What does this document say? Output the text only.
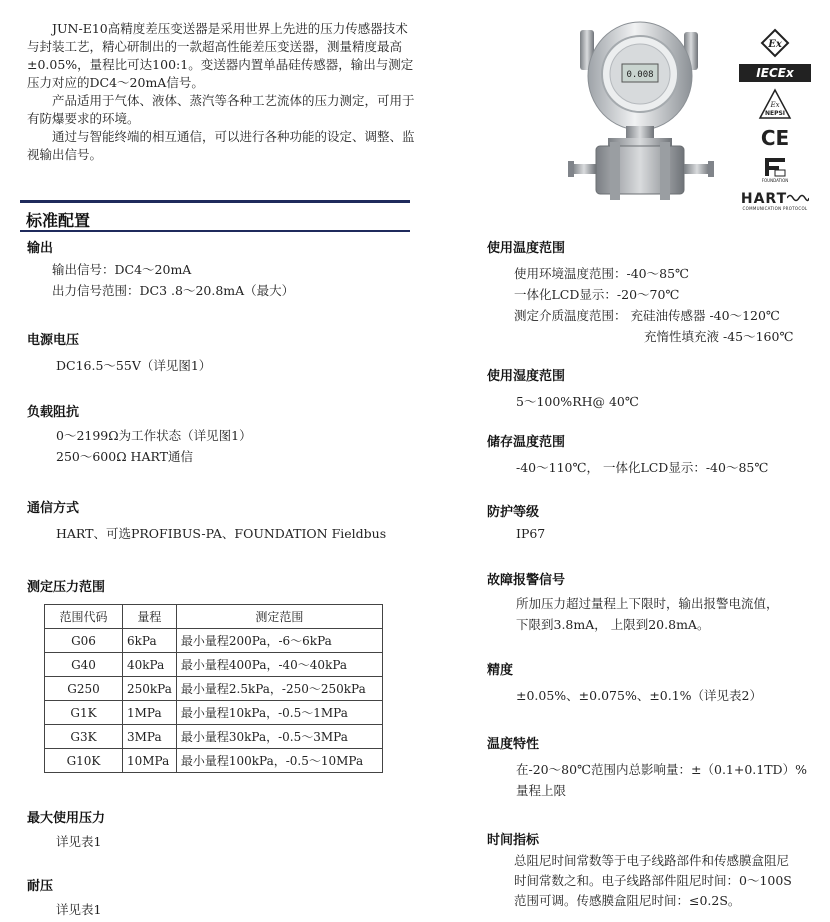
JUN-E10高精度差压变送器是采用世界上先进的压力传感器技术与封装工艺，精心研制出的一款超高性能差压变送器，测量精度最高±0.05%，量程比可达100:1。变送器内置单晶硅传感器，输出与测定压力对应的DC4～20mA信号。

产品适用于气体、液体、蒸汽等各种工艺流体的压力测定，可用于有防爆要求的环境。

通过与智能终端的相互通信，可以进行各种功能的设定、调整、监视输出信号。

标准配置
0.008
Ex
IECEx
Ex
NEPSI
CE
FOUNDATION
HART
COMMUNICATION PROTOCOL
输出
输出信号：DC4～20mA
出力信号范围：DC3 .8～20.8mA（最大）
电源电压
DC16.5～55V（详见图1）
负载阻抗
0～2199Ω为工作状态（详见图1）
250～600Ω HART通信
通信方式
HART、可选PROFIBUS-PA、FOUNDATION Fieldbus
测定压力范围
范围代码	量程	测定范围
G06	6kPa	最小量程200Pa，-6～6kPa
G40	40kPa	最小量程400Pa，-40～40kPa
G250	250kPa	最小量程2.5kPa，-250～250kPa
G1K	1MPa	最小量程10kPa，-0.5～1MPa
G3K	3MPa	最小量程30kPa，-0.5～3MPa
G10K	10MPa	最小量程100kPa，-0.5～10MPa
最大使用压力
详见表1
耐压
详见表1
使用温度范围
使用环境温度范围：-40～85℃
一体化LCD显示：-20～70℃
测定介质温度范围： 充硅油传感器 -40～120℃
充惰性填充液 -45～160℃
使用湿度范围
5～100%RH@ 40℃
储存温度范围
-40～110℃， 一体化LCD显示：-40～85℃
防护等级
IP67
故障报警信号
所加压力超过量程上下限时，输出报警电流值，
下限到3.8mA， 上限到20.8mA。
精度
±0.05%、±0.075%、±0.1%（详见表2）
温度特性
在-20～80℃范围内总影响量：±（0.1+0.1TD）%
量程上限
时间指标
总阻尼时间常数等于电子线路部件和传感膜盒阻尼
时间常数之和。电子线路部件阻尼时间：0～100S
范围可调。传感膜盒阻尼时间：≤0.2S。
